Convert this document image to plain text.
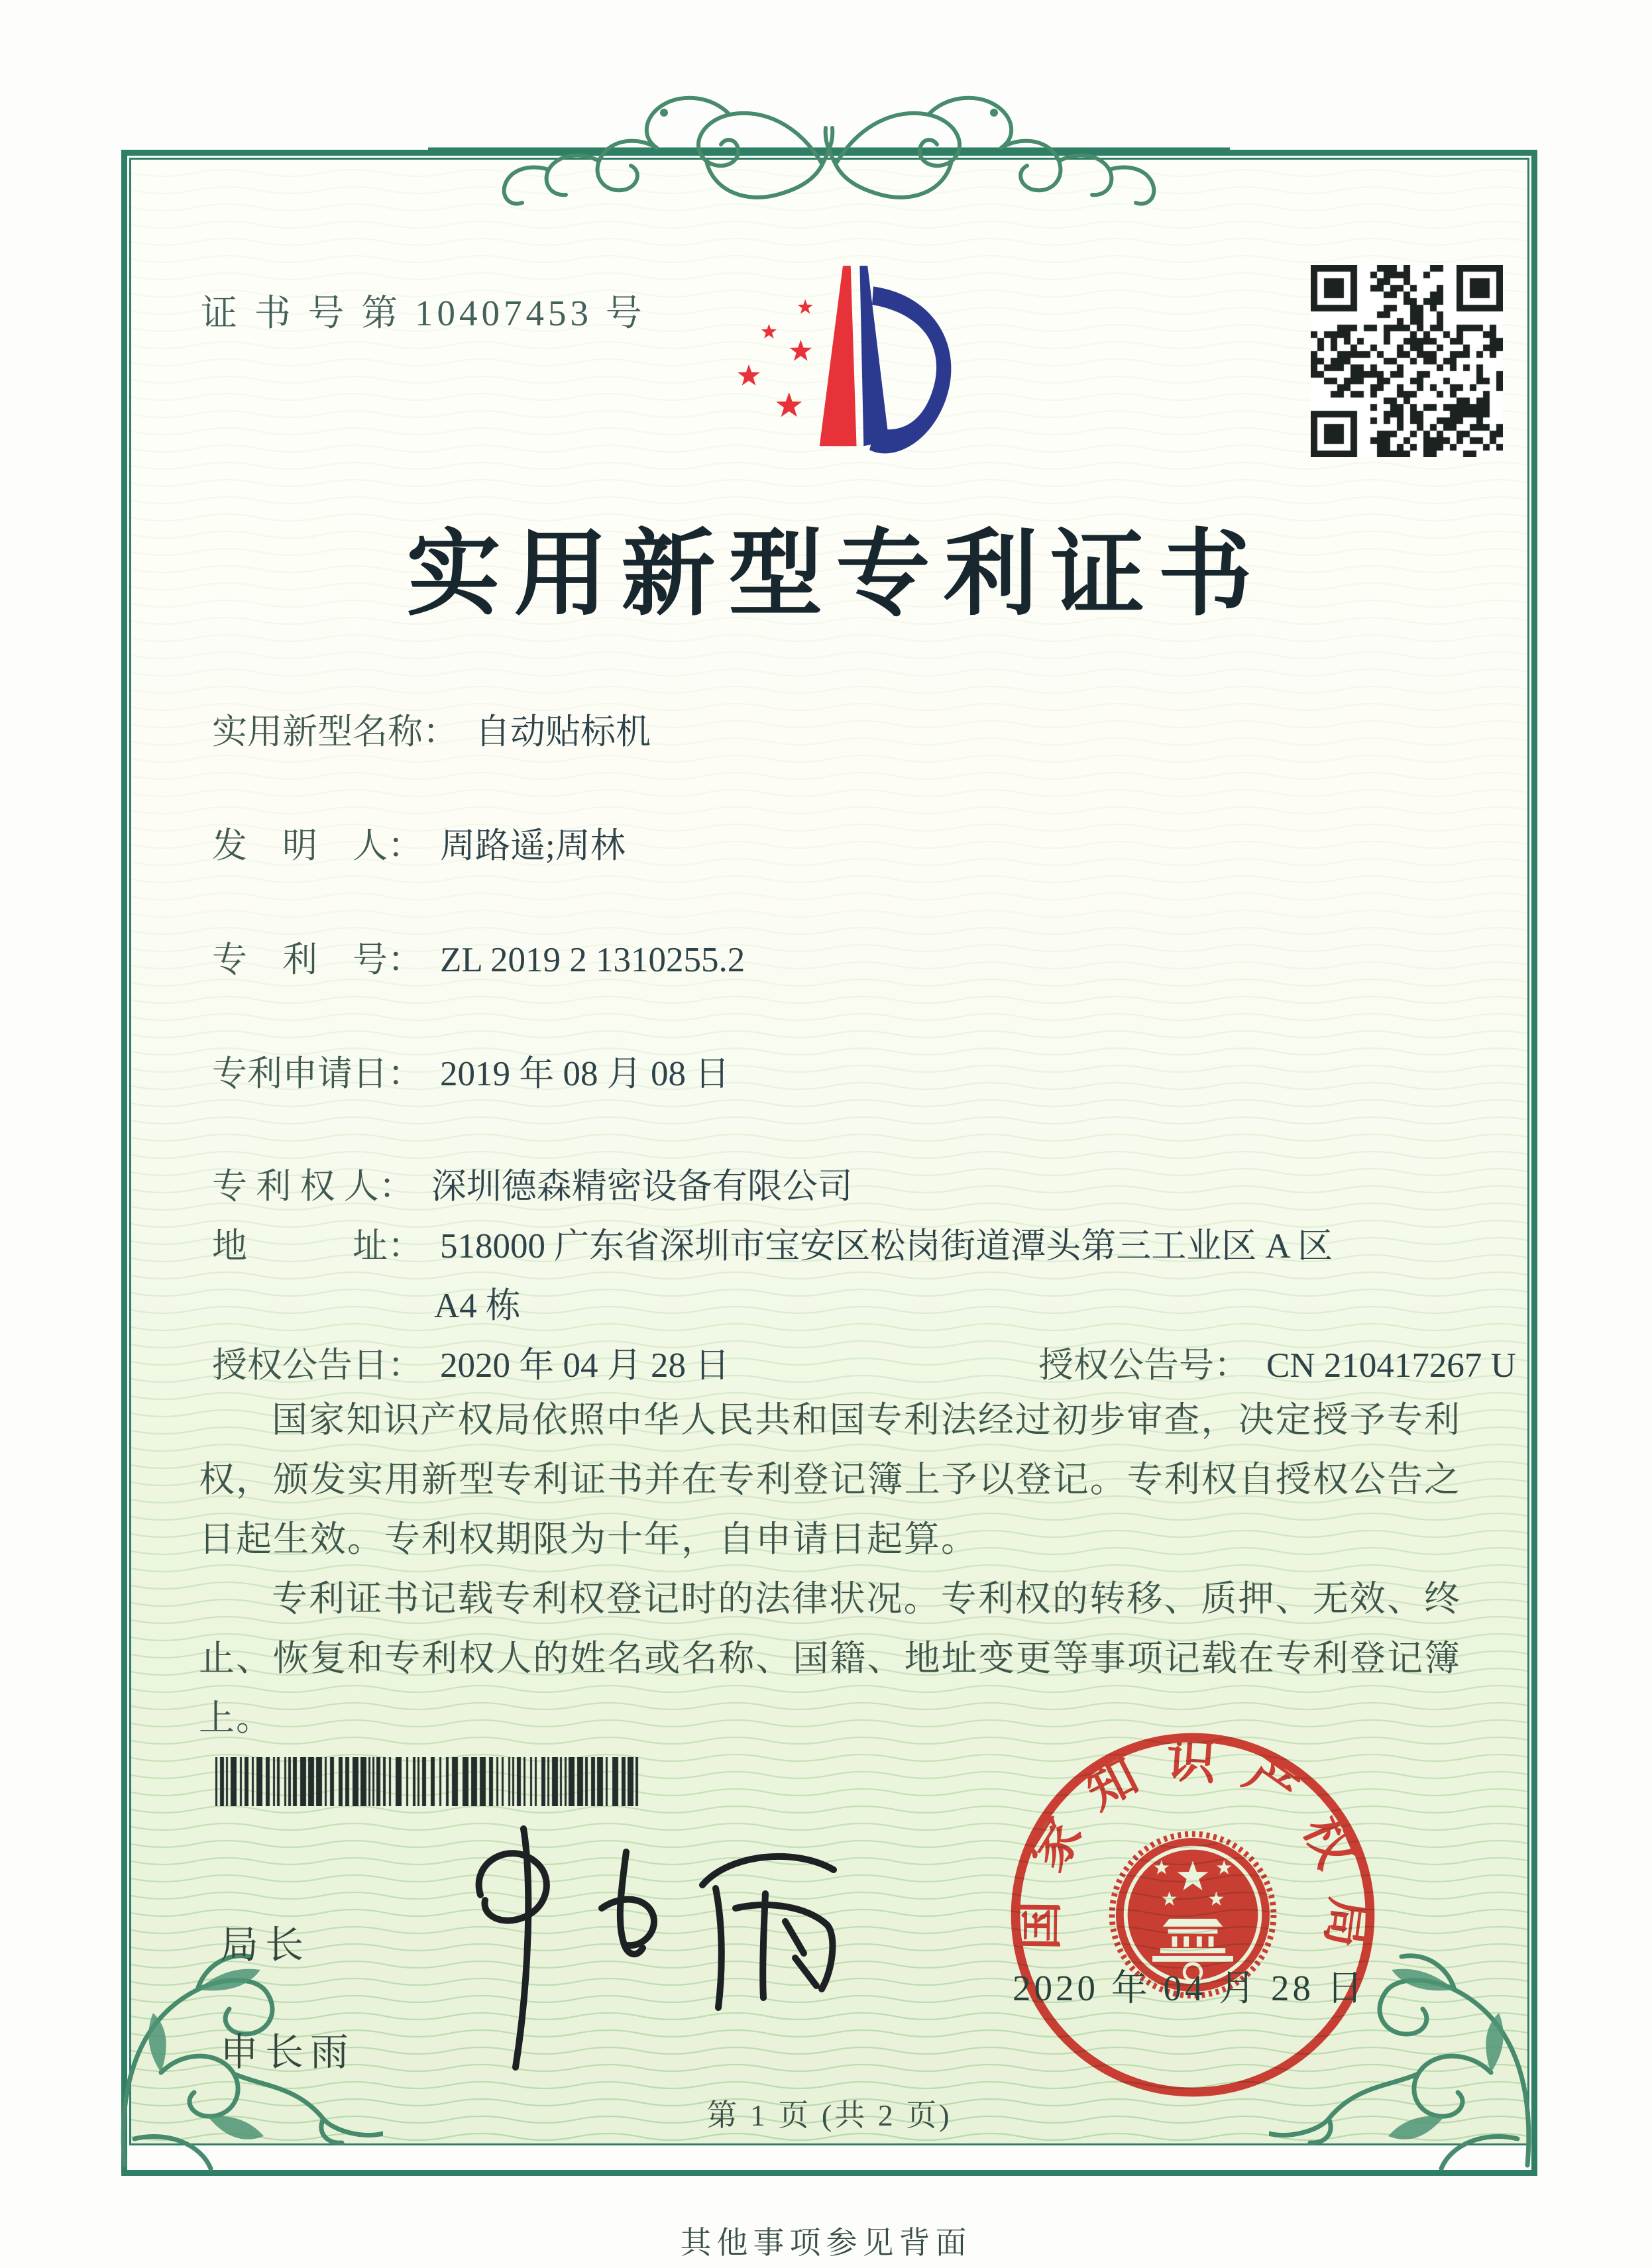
证 书 号 第 10407453 号
实用新型专利证书
实用新型名称： 自动贴标机
发　明　人： 周路遥;周林
专　利　号： ZL 2019 2 1310255.2
专利申请日： 2019 年 08 月 08 日
专 利 权 人： 深圳德森精密设备有限公司
地　　　址： 518000 广东省深圳市宝安区松岗街道潭头第三工业区 A 区
A4 栋
授权公告日： 2020 年 04 月 28 日	授权公告号： CN 210417267 U

国家知识产权局依照中华人民共和国专利法经过初步审查，决定授予专利权，颁发实用新型专利证书并在专利登记簿上予以登记。专利权自授权公告之日起生效。专利权期限为十年，自申请日起算。

专利证书记载专利权登记时的法律状况。专利权的转移、质押、无效、终止、恢复和专利权人的姓名或名称、国籍、地址变更等事项记载在专利登记簿上。

局长
申长雨
国家知识产权局
2020 年 04 月 28 日
第 1 页 (共 2 页)
其他事项参见背面
